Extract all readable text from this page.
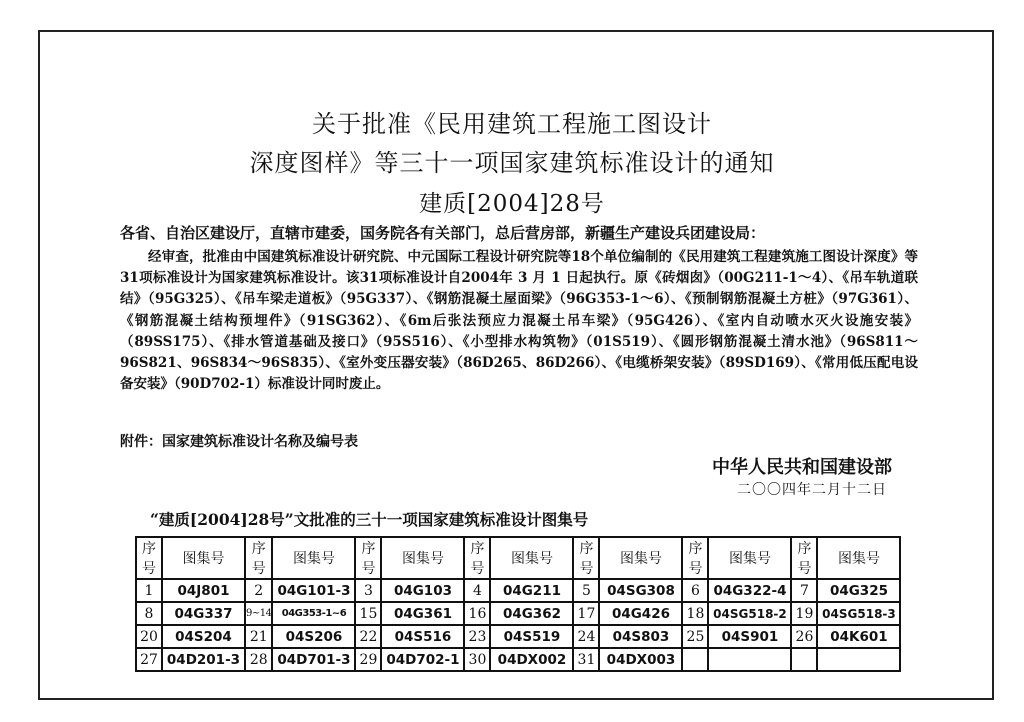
关于批准《民用建筑工程施工图设计
深度图样》等三十一项国家建筑标准设计的通知
建质[2004]28号
各省、自治区建设厅，直辖市建委，国务院各有关部门，总后营房部，新疆生产建设兵团建设局：
经审查，批准由中国建筑标准设计研究院、中元国际工程设计研究院等18个单位编制的《民用建筑工程建筑施工图设计深度》等31项标准设计为国家建筑标准设计。该31项标准设计自2004年 3 月 1 日起执行。原《砖烟囱》（00G211-1～4）、《吊车轨道联结》（95G325）、《吊车梁走道板》（95G337）、《钢筋混凝土屋面梁》（96G353-1～6）、《预制钢筋混凝土方桩》（97G361）、《钢筋混凝土结构预埋件》（91SG362）、《6m后张法预应力混凝土吊车梁》（95G426）、《室内自动喷水灭火设施安装》（89SS175）、《排水管道基础及接口》（95S516）、《小型排水构筑物》（01S519）、《圆形钢筋混凝土清水池》（96S811～96S821、96S834～96S835）、《室外变压器安装》（86D265、86D266）、《电缆桥架安装》（89SD169）、《常用低压配电设备安装》（90D702-1）标准设计同时废止。
附件：国家建筑标准设计名称及编号表
中华人民共和国建设部
二〇〇四年二月十二日
“建质[2004]28号”文批准的三十一项国家建筑标准设计图集号
序号	图集号	序号	图集号	序号	图集号	序号	图集号	序号	图集号	序号	图集号	序号	图集号
1	04J801	2	04G101-3	3	04G103	4	04G211	5	04SG308	6	04G322-4	7	04G325
8	04G337	9~14	04G353-1~6	15	04G361	16	04G362	17	04G426	18	04SG518-2	19	04SG518-3
20	04S204	21	04S206	22	04S516	23	04S519	24	04S803	25	04S901	26	04K601
27	04D201-3	28	04D701-3	29	04D702-1	30	04DX002	31	04DX003				
